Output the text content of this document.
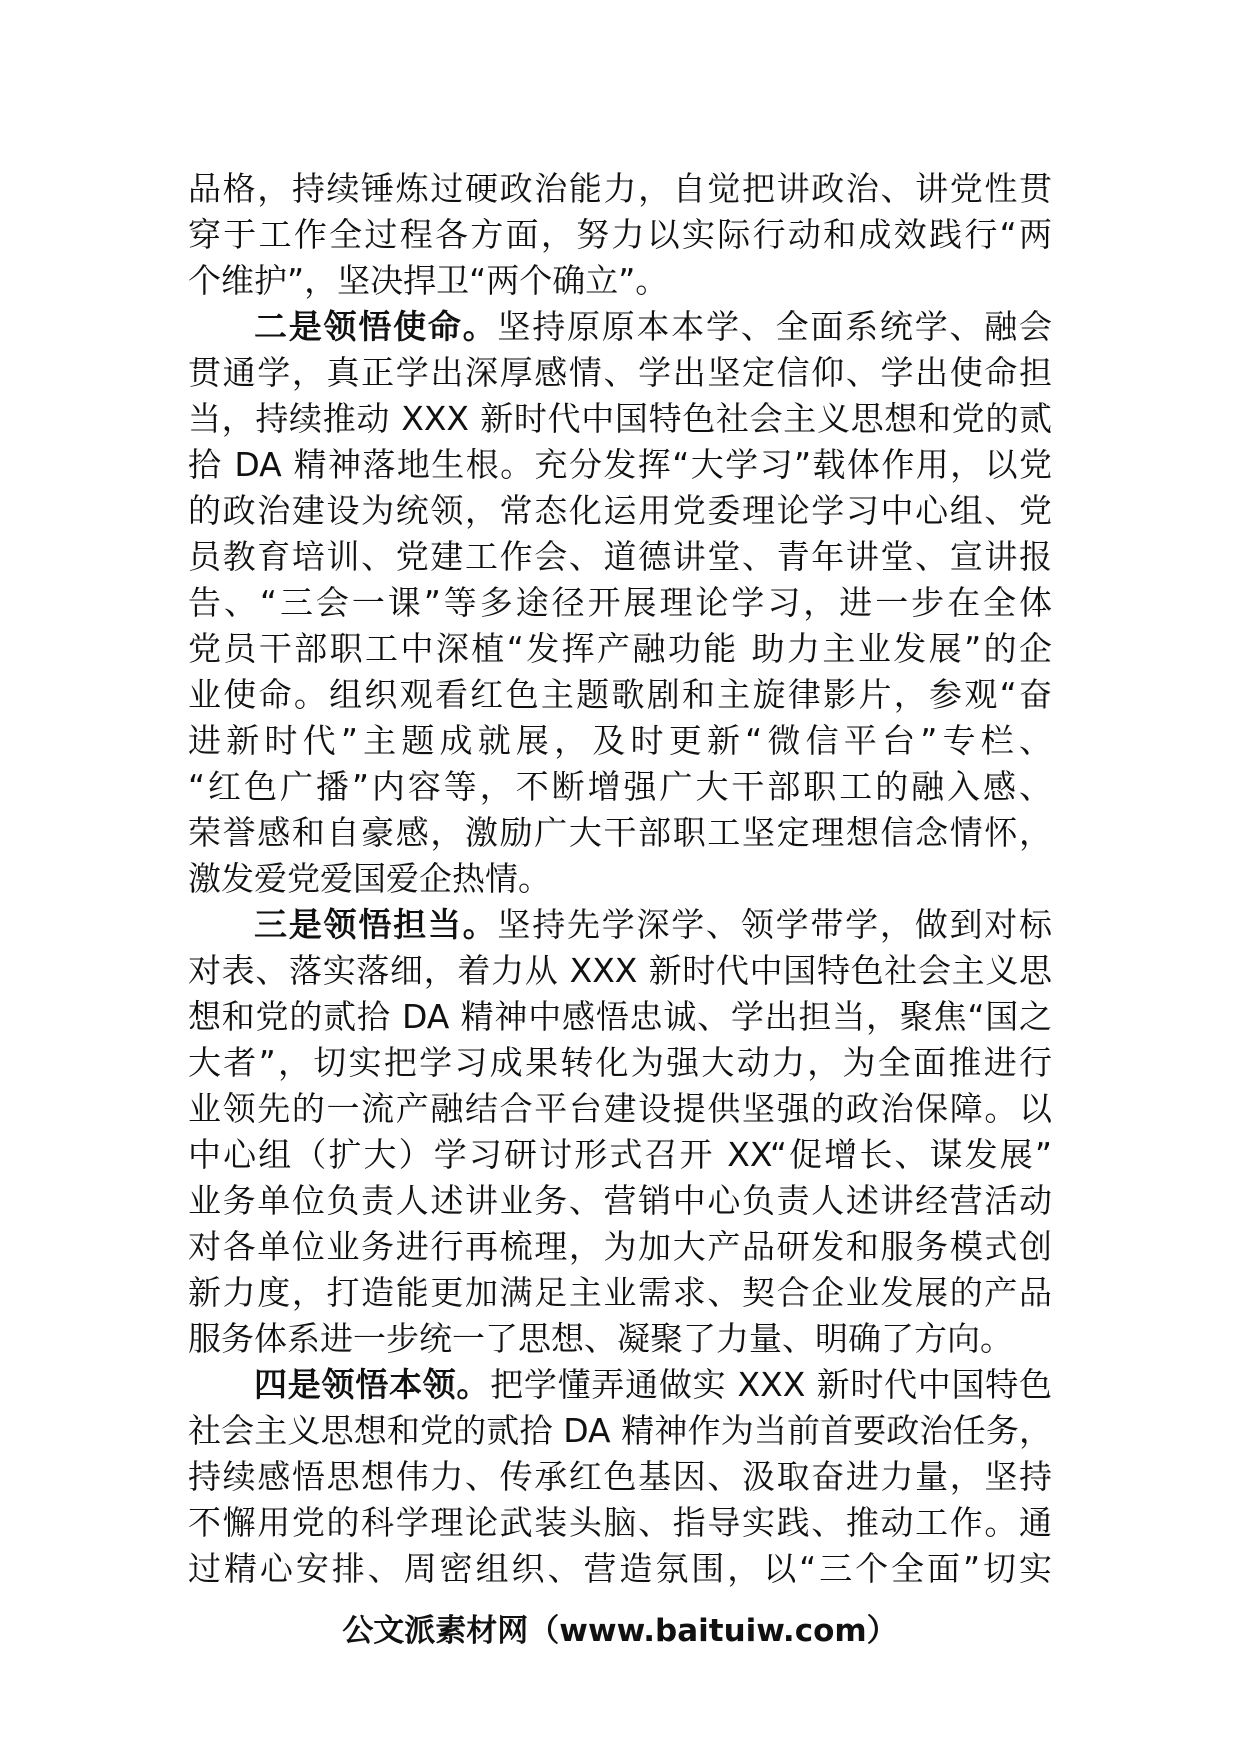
品格，持续锤炼过硬政治能力，自觉把讲政治、讲党性贯
穿于工作全过程各方面，努力以实际行动和成效践行“两
个维护”，坚决捍卫“两个确立”。
二是领悟使命。坚持原原本本学、全面系统学、融会
贯通学，真正学出深厚感情、学出坚定信仰、学出使命担
当，持续推动 XXX 新时代中国特色社会主义思想和党的贰
拾 DA 精神落地生根。充分发挥“大学习”载体作用，以党
的政治建设为统领，常态化运用党委理论学习中心组、党
员教育培训、党建工作会、道德讲堂、青年讲堂、宣讲报
告、“三会一课”等多途径开展理论学习，进一步在全体
党员干部职工中深植“发挥产融功能 助力主业发展”的企
业使命。组织观看红色主题歌剧和主旋律影片，参观“奋
进新时代”主题成就展，及时更新“微信平台”专栏、
“红色广播”内容等，不断增强广大干部职工的融入感、
荣誉感和自豪感，激励广大干部职工坚定理想信念情怀，
激发爱党爱国爱企热情。
三是领悟担当。坚持先学深学、领学带学，做到对标
对表、落实落细，着力从 XXX 新时代中国特色社会主义思
想和党的贰拾 DA 精神中感悟忠诚、学出担当，聚焦“国之
大者”，切实把学习成果转化为强大动力，为全面推进行
业领先的一流产融结合平台建设提供坚强的政治保障。以
中心组（扩大）学习研讨形式召开 XX“促增长、谋发展”
业务单位负责人述讲业务、营销中心负责人述讲经营活动
对各单位业务进行再梳理，为加大产品研发和服务模式创
新力度，打造能更加满足主业需求、契合企业发展的产品
服务体系进一步统一了思想、凝聚了力量、明确了方向。
四是领悟本领。把学懂弄通做实 XXX 新时代中国特色
社会主义思想和党的贰拾 DA 精神作为当前首要政治任务，
持续感悟思想伟力、传承红色基因、汲取奋进力量，坚持
不懈用党的科学理论武装头脑、指导实践、推动工作。通
过精心安排、周密组织、营造氛围，以“三个全面”切实
公文派素材网（www.baituiw.com）
